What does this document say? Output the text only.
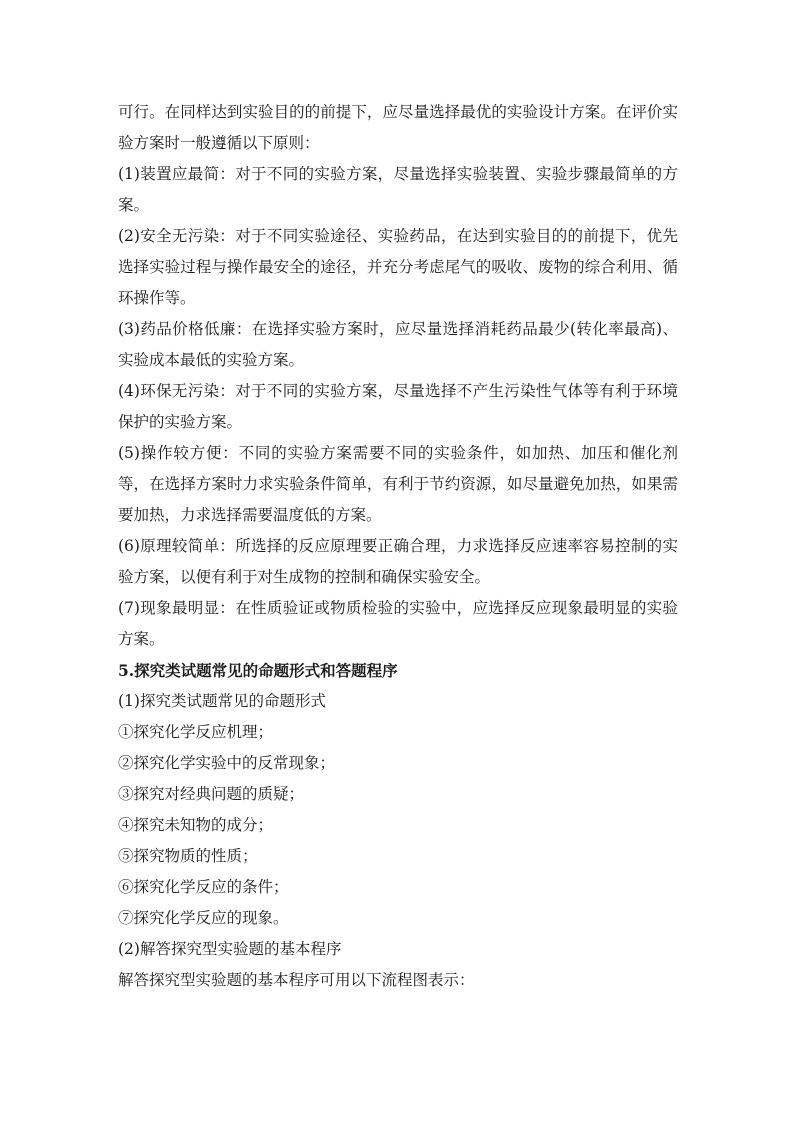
可行。在同样达到实验目的的前提下，应尽量选择最优的实验设计方案。在评价实验方案时一般遵循以下原则：

(1)装置应最简：对于不同的实验方案，尽量选择实验装置、实验步骤最简单的方案。

(2)安全无污染：对于不同实验途径、实验药品，在达到实验目的的前提下，优先选择实验过程与操作最安全的途径，并充分考虑尾气的吸收、废物的综合利用、循环操作等。

(3)药品价格低廉：在选择实验方案时，应尽量选择消耗药品最少(转化率最高)、实验成本最低的实验方案。

(4)环保无污染：对于不同的实验方案，尽量选择不产生污染性气体等有利于环境保护的实验方案。

(5)操作较方便：不同的实验方案需要不同的实验条件，如加热、加压和催化剂等，在选择方案时力求实验条件简单，有利于节约资源，如尽量避免加热，如果需要加热，力求选择需要温度低的方案。

(6)原理较简单：所选择的反应原理要正确合理，力求选择反应速率容易控制的实验方案，以便有利于对生成物的控制和确保实验安全。

(7)现象最明显：在性质验证或物质检验的实验中，应选择反应现象最明显的实验方案。

5.探究类试题常见的命题形式和答题程序

(1)探究类试题常见的命题形式

①探究化学反应机理；

②探究化学实验中的反常现象；

③探究对经典问题的质疑；

④探究未知物的成分；

⑤探究物质的性质；

⑥探究化学反应的条件；

⑦探究化学反应的现象。

(2)解答探究型实验题的基本程序

解答探究型实验题的基本程序可用以下流程图表示：
